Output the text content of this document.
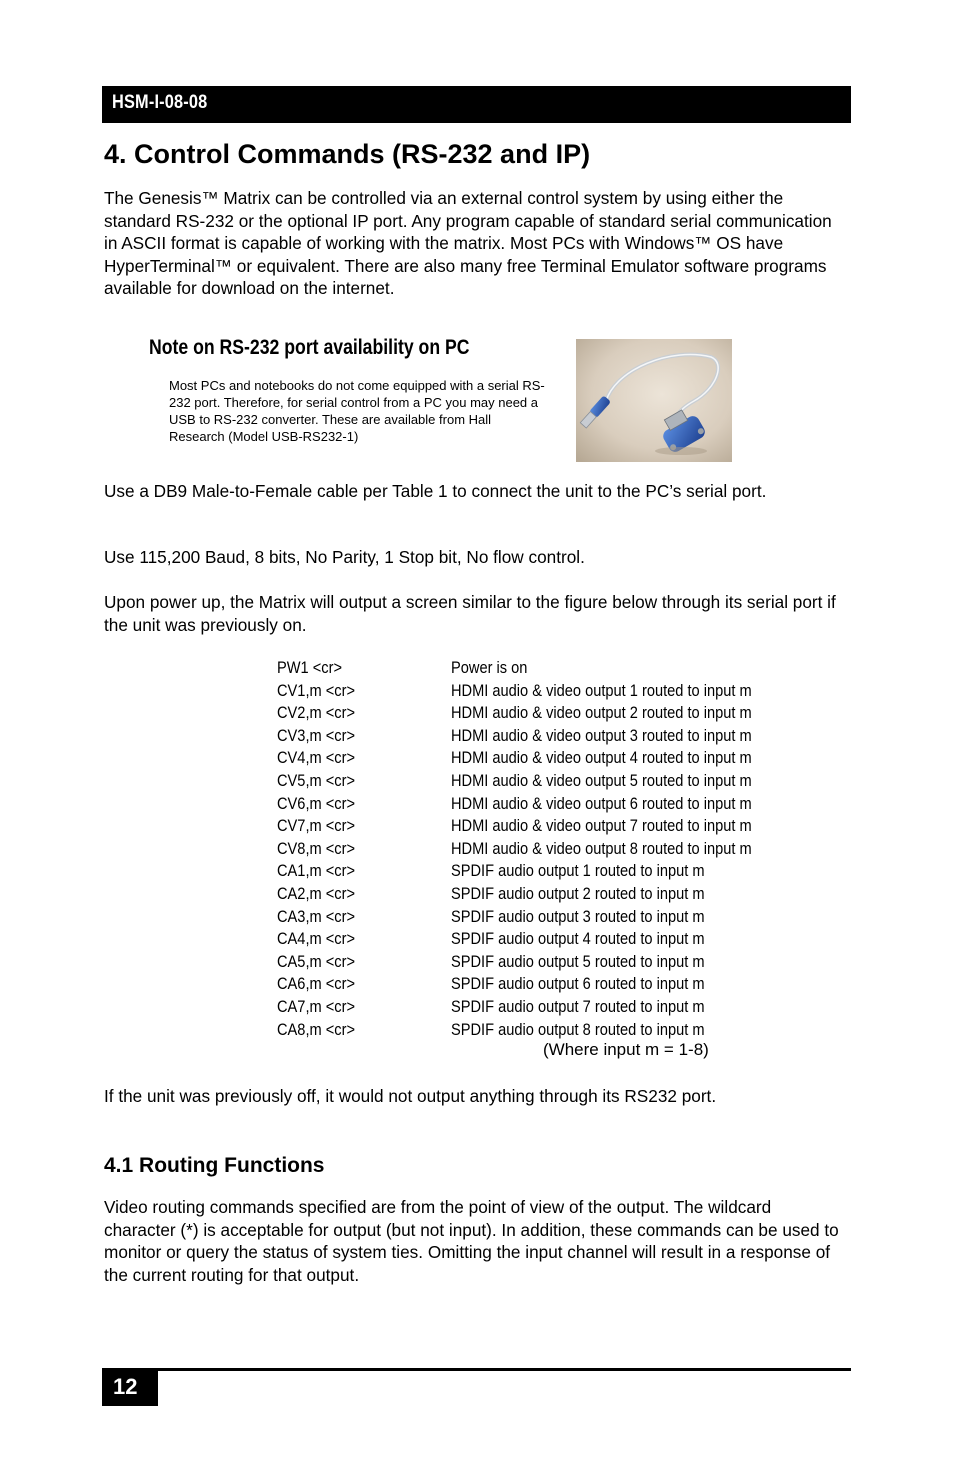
HSM-I-08-08
4. Control Commands (RS-232 and IP)

The Genesis™ Matrix can be controlled via an external control system by using either the standard RS-232 or the optional IP port. Any program capable of standard serial communication in ASCII format is capable of working with the matrix. Most PCs with Windows™ OS have HyperTerminal™ or equivalent. There are also many free Terminal Emulator software programs available for download on the internet.

Note on RS-232 port availability on PC

Most PCs and notebooks do not come equipped with a serial RS-232 port. Therefore, for serial control from a PC you may need a USB to RS-232 converter. These are available from Hall Research (Model USB-RS232-1)

Use a DB9 Male-to-Female cable per Table 1 to connect the unit to the PC’s serial port.

Use 115,200 Baud, 8 bits, No Parity, 1 Stop bit, No flow control.

Upon power up, the Matrix will output a screen similar to the figure below through its serial port if the unit was previously on.

PW1 <cr>	Power is on
CV1,m <cr>	HDMI audio & video output 1 routed to input m
CV2,m <cr>	HDMI audio & video output 2 routed to input m
CV3,m <cr>	HDMI audio & video output 3 routed to input m
CV4,m <cr>	HDMI audio & video output 4 routed to input m
CV5,m <cr>	HDMI audio & video output 5 routed to input m
CV6,m <cr>	HDMI audio & video output 6 routed to input m
CV7,m <cr>	HDMI audio & video output 7 routed to input m
CV8,m <cr>	HDMI audio & video output 8 routed to input m
CA1,m <cr>	SPDIF audio output 1 routed to input m
CA2,m <cr>	SPDIF audio output 2 routed to input m
CA3,m <cr>	SPDIF audio output 3 routed to input m
CA4,m <cr>	SPDIF audio output 4 routed to input m
CA5,m <cr>	SPDIF audio output 5 routed to input m
CA6,m <cr>	SPDIF audio output 6 routed to input m
CA7,m <cr>	SPDIF audio output 7 routed to input m
CA8,m <cr>	SPDIF audio output 8 routed to input m

(Where input m = 1-8)

If the unit was previously off, it would not output anything through its RS232 port.

4.1 Routing Functions

Video routing commands specified are from the point of view of the output. The wildcard character (*) is acceptable for output (but not input). In addition, these commands can be used to monitor or query the status of system ties. Omitting the input channel will result in a response of the current routing for that output.

12
